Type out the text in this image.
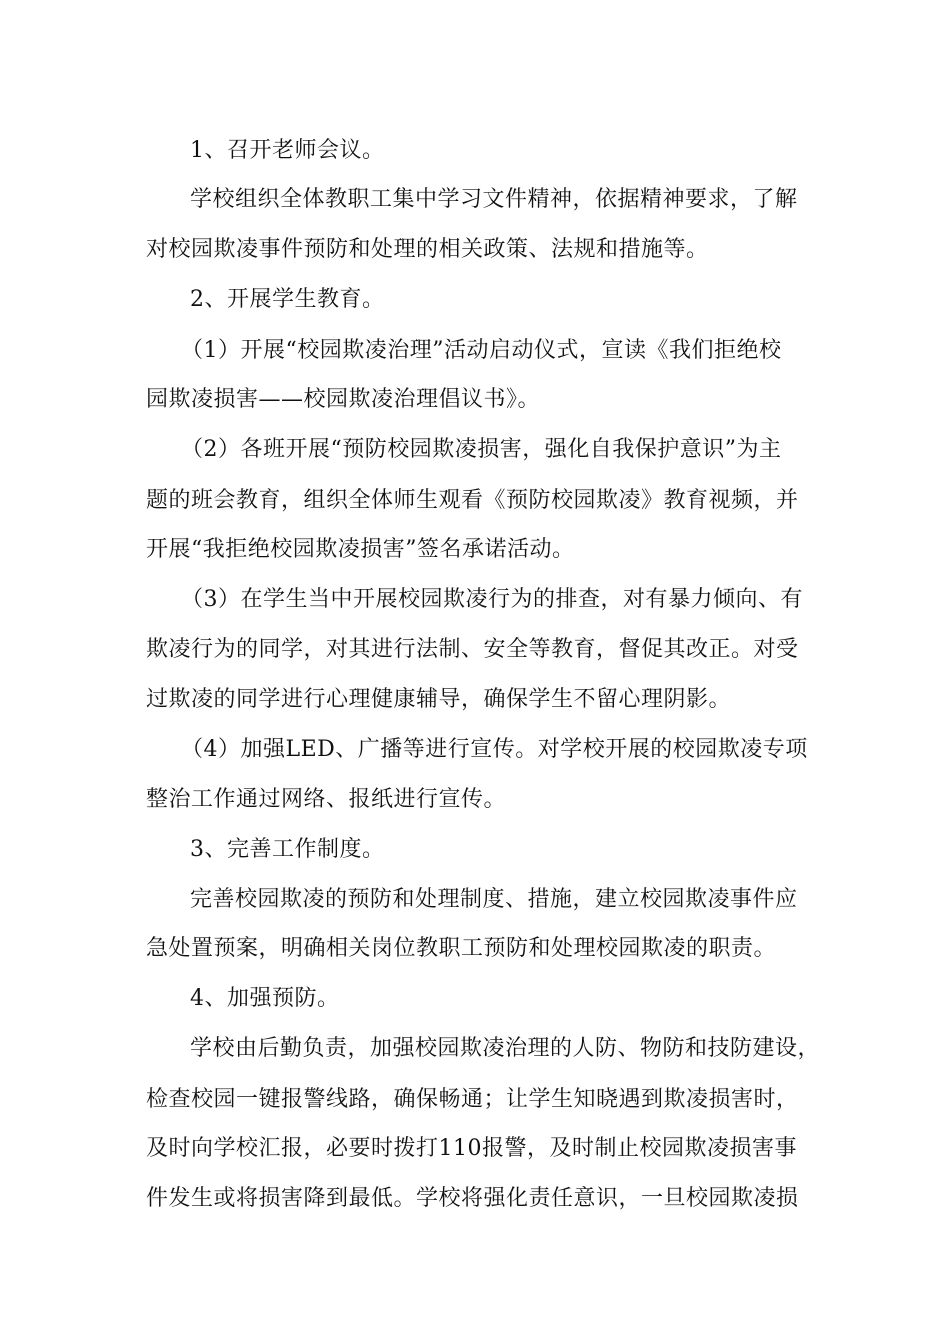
1、召开老师会议。
学校组织全体教职工集中学习文件精神，依据精神要求，了解
对校园欺凌事件预防和处理的相关政策、法规和措施等。
2、开展学生教育。
（1）开展“校园欺凌治理”活动启动仪式，宣读《我们拒绝校
园欺凌损害——校园欺凌治理倡议书》。
（2）各班开展“预防校园欺凌损害，强化自我保护意识”为主
题的班会教育，组织全体师生观看《预防校园欺凌》教育视频，并
开展“我拒绝校园欺凌损害”签名承诺活动。
（3）在学生当中开展校园欺凌行为的排查，对有暴力倾向、有
欺凌行为的同学，对其进行法制、安全等教育，督促其改正。对受
过欺凌的同学进行心理健康辅导，确保学生不留心理阴影。
（4）加强LED、广播等进行宣传。对学校开展的校园欺凌专项
整治工作通过网络、报纸进行宣传。
3、完善工作制度。
完善校园欺凌的预防和处理制度、措施，建立校园欺凌事件应
急处置预案，明确相关岗位教职工预防和处理校园欺凌的职责。
4、加强预防。
学校由后勤负责，加强校园欺凌治理的人防、物防和技防建设，
检查校园一键报警线路，确保畅通；让学生知晓遇到欺凌损害时，
及时向学校汇报，必要时拨打110报警，及时制止校园欺凌损害事
件发生或将损害降到最低。学校将强化责任意识，一旦校园欺凌损
